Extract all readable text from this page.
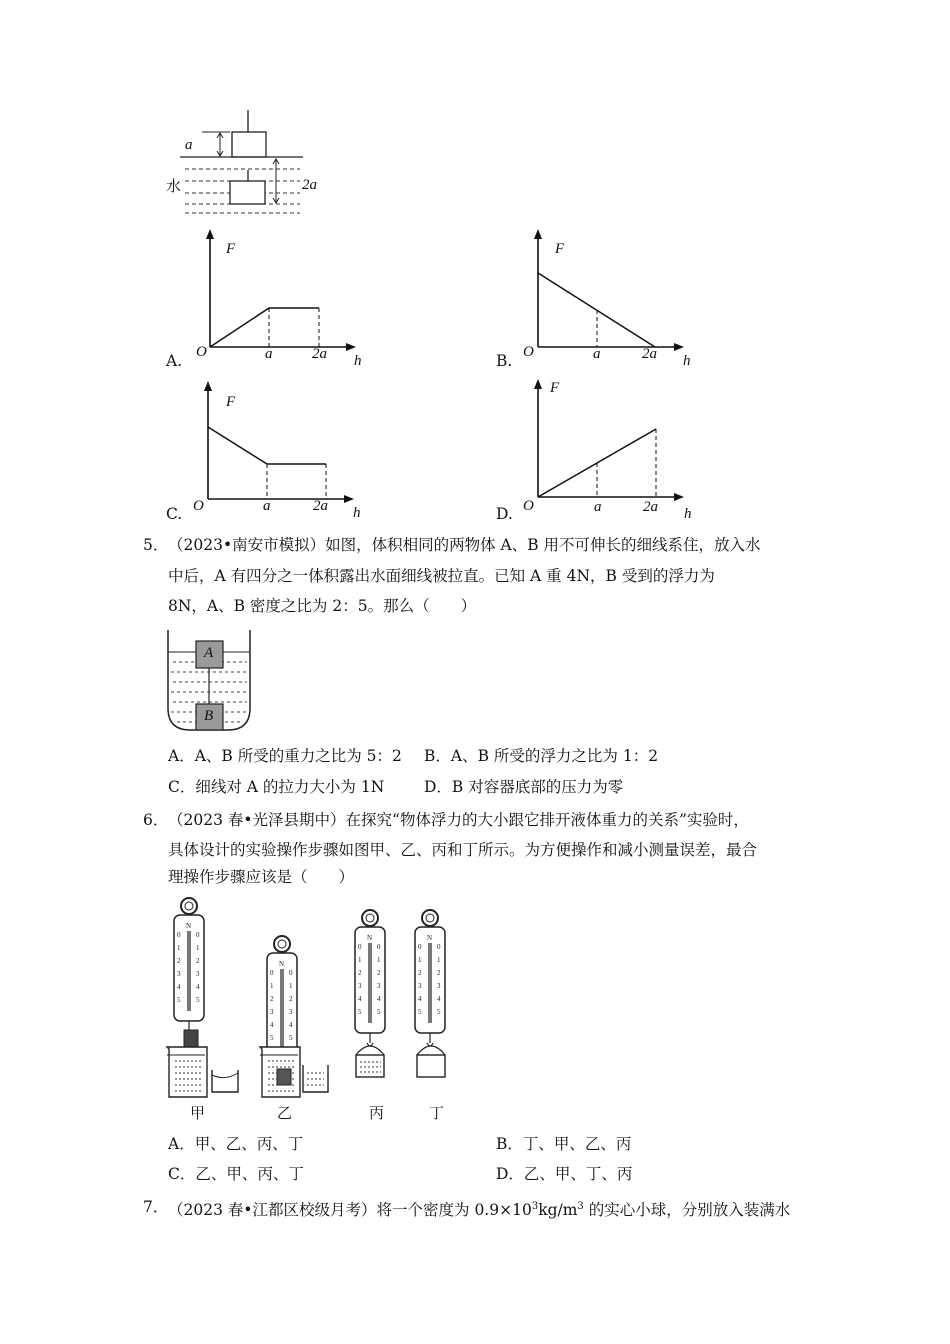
a
2a
水
A.
F
O	a	2a h	B.
F
O	a	2a h
C.
F
O	a	2a h	D.
F
O	a	2a h
5． （2023•南安市模拟）如图，体积相同的两物体 A、B 用不可伸长的细线系住，放入水
中后，A 有四分之一体积露出水面细线被拉直。已知 A 重 4N，B 受到的浮力为
8N，A、B 密度之比为 2：5。那么（　　）
A
B
A．A、B 所受的重力之比为 5：2 B．A、B 所受的浮力之比为 1：2
C．细线对 A 的拉力大小为 1N	D．B 对容器底部的压力为零
6． （2023 春•光泽县期中）在探究“物体浮力的大小跟它排开液体重力的关系”实验时，
具体设计的实验操作步骤如图甲、乙、丙和丁所示。为方便操作和减小测量误差，最合
理操作步骤应该是（　　）
0
1
2
3
4
5
甲	乙	丙	丁
A．甲、乙、丙、丁	B．丁、甲、乙、丙
C．乙、甲、丙、丁	D．乙、甲、丁、丙
7． （2023 春•江都区校级月考）将一个密度为 $0.9\times 10^3kg/m^3$ 的实心小球，分别放入装满水
